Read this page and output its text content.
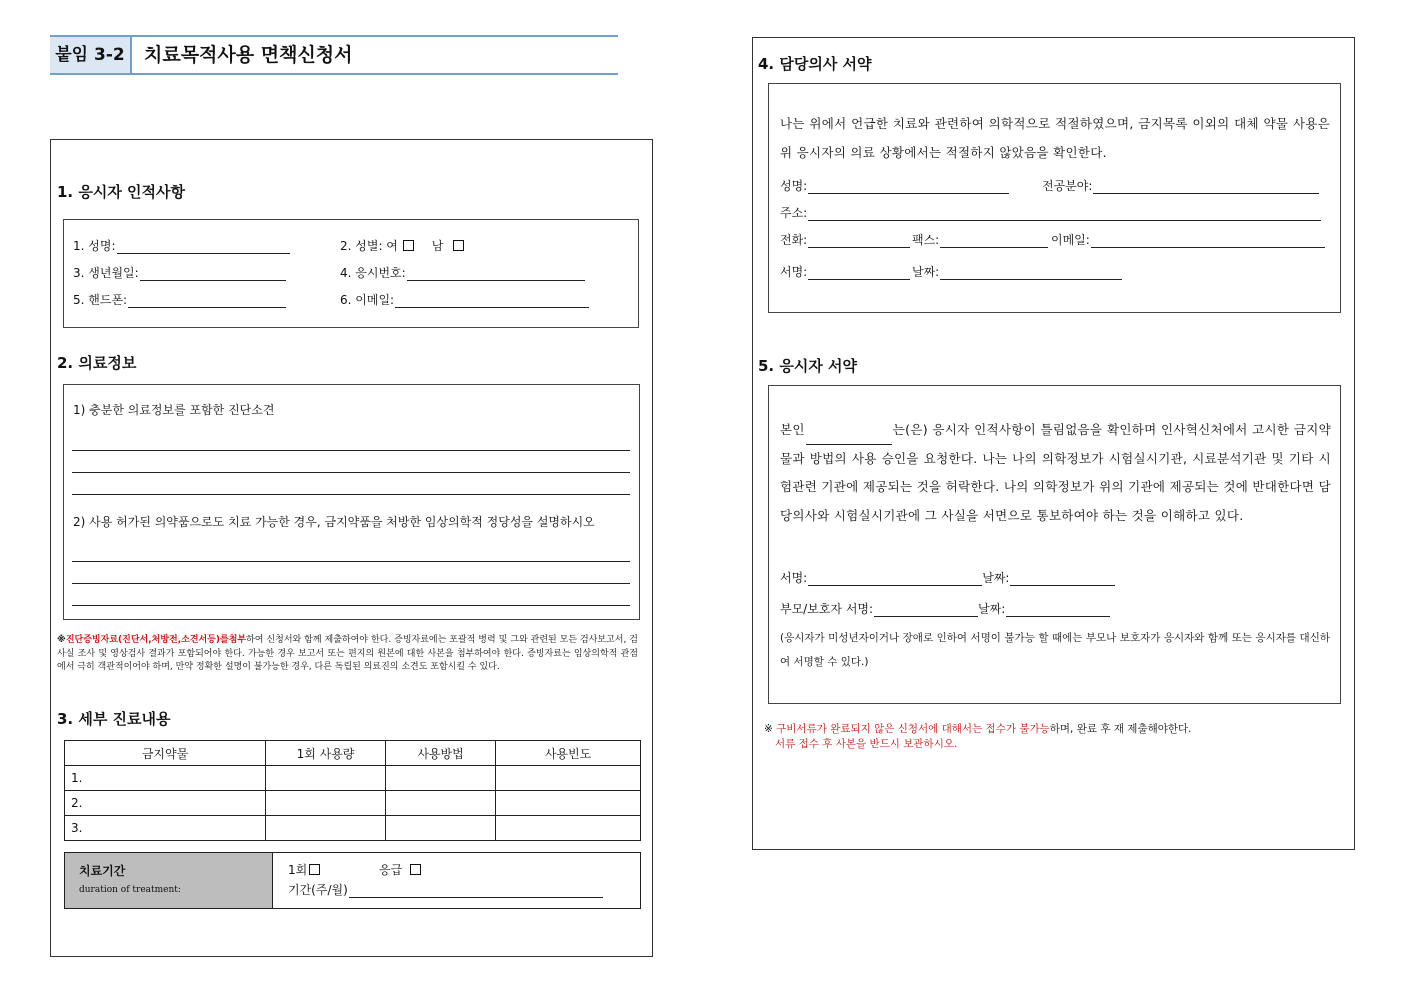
붙임 3-2	치료목적사용 면책신청서
1. 응시자 인적사항
1. 성명:	2. 성별: 여	남
3. 생년월일:	4. 응시번호:
5. 핸드폰:	6. 이메일:
2. 의료정보
1) 충분한 의료정보를 포함한 진단소견
2) 사용 허가된 의약품으로도 치료 가능한 경우, 금지약품을 처방한 임상의학적 정당성을 설명하시오
※진단증빙자료(진단서,처방전,소견서등)를첨부하여 신청서와 함께 제출하여야 한다. 증빙자료에는 포괄적 병력 및 그와 관련된 모든 검사보고서, 검사실 조사 및 영상검사 결과가 포함되어야 한다. 가능한 경우 보고서 또는 편지의 원본에 대한 사본을 첨부하여야 한다. 증빙자료는 임상의학적 관점에서 극히 객관적이어야 하며, 만약 정확한 설명이 불가능한 경우, 다른 독립된 의료진의 소견도 포함시킬 수 있다.
3. 세부 진료내용
금지약물	1회 사용량	사용방법	사용빈도
1.			
2.			
3.			
치료기간
duration of treatment:
1회	응급
기간(주/월)
4. 담당의사 서약
나는 위에서 언급한 치료와 관련하여 의학적으로 적절하였으며, 금지목록 이외의 대체 약물 사용은 위 응시자의 의료 상황에서는 적절하지 않았음을 확인한다.
성명:	전공분야:
주소:
전화:	팩스:	이메일:
서명:	날짜:
5. 응시자 서약
본인	는(은) 응시자 인적사항이 틀림없음을 확인하며 인사혁신처에서 고시한 금지약물과 방법의 사용 승인을 요청한다. 나는 나의 의학정보가 시험실시기관, 시료분석기관 및 기타 시험관련 기관에 제공되는 것을 허락한다. 나의 의학정보가 위의 기관에 제공되는 것에 반대한다면 담당의사와 시험실시기관에 그 사실을 서면으로 통보하여야 하는 것을 이해하고 있다.
서명:	날짜:
부모/보호자 서명:	날짜:
(응시자가 미성년자이거나 장애로 인하여 서명이 불가능 할 때에는 부모나 보호자가 응시자와 함께 또는 응시자를 대신하여 서명할 수 있다.)
※ 구비서류가 완료되지 않은 신청서에 대해서는 접수가 불가능하며, 완료 후 재 제출해야한다.
서류 접수 후 사본을 반드시 보관하시오.
